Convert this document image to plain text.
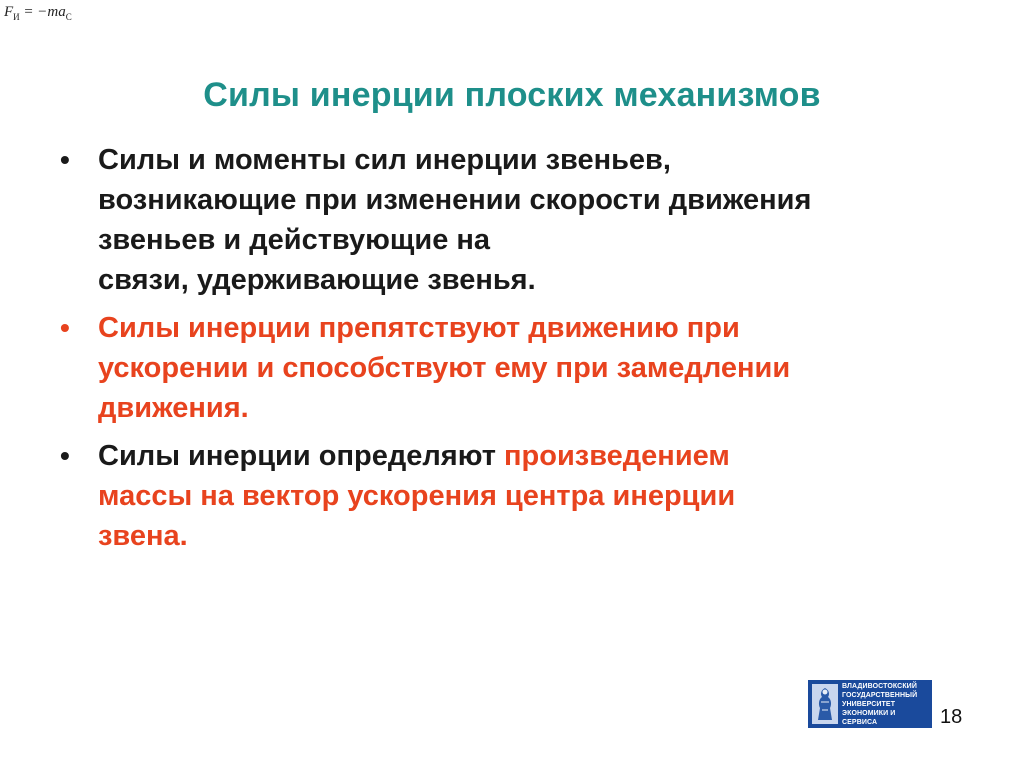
$F_И = -ma_C$
Силы инерции плоских механизмов
• Силы и моменты сил инерции звеньев,
возникающие при изменении скорости движения
звеньев и действующие на
связи, удерживающие звенья.
• Силы инерции препятствуют движению при
ускорении и способствуют ему при замедлении
движения.
• Силы инерции определяют произведением
массы на вектор ускорения центра инерции
звена.
ВЛАДИВОСТОКСКИЙ
ГОСУДАРСТВЕННЫЙ
УНИВЕРСИТЕТ
ЭКОНОМИКИ И
СЕРВИСА	18
